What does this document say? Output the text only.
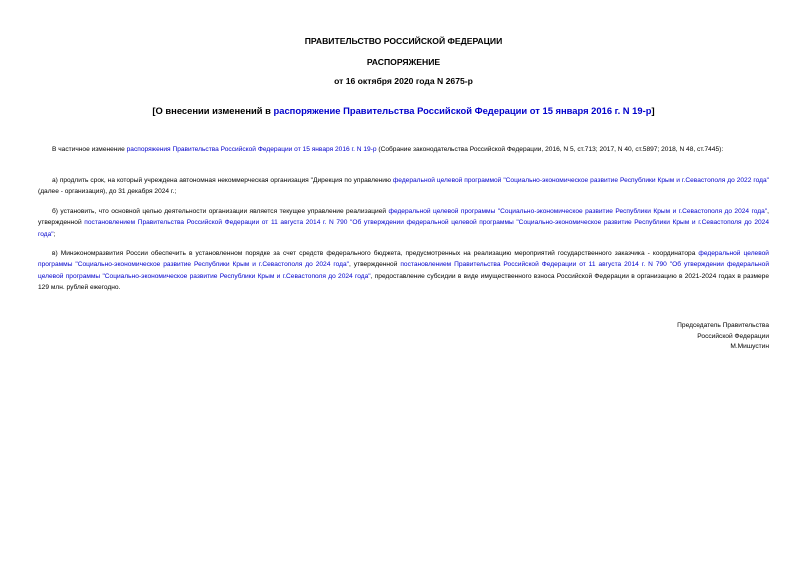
ПРАВИТЕЛЬСТВО РОССИЙСКОЙ ФЕДЕРАЦИИ
РАСПОРЯЖЕНИЕ
от 16 октября 2020 года N 2675-р
[О внесении изменений в распоряжение Правительства Российской Федерации от 15 января 2016 г. N 19-р]
В частичное изменение распоряжения Правительства Российской Федерации от 15 января 2016 г. N 19-р (Собрание законодательства Российской Федерации, 2016, N 5, ст.713; 2017, N 40, ст.5897; 2018, N 48, ст.7445):
а) продлить срок, на который учреждена автономная некоммерческая организация "Дирекция по управлению федеральной целевой программой "Социально-экономическое развитие Республики Крым и г.Севастополя до 2022 года" (далее - организация), до 31 декабря 2024 г.;
б) установить, что основной целью деятельности организации является текущее управление реализацией федеральной целевой программы "Социально-экономическое развитие Республики Крым и г.Севастополя до 2024 года", утвержденной постановлением Правительства Российской Федерации от 11 августа 2014 г. N 790 "Об утверждении федеральной целевой программы "Социально-экономическое развитие Республики Крым и г.Севастополя до 2024 года";
в) Минэкономразвития России обеспечить в установленном порядке за счет средств федерального бюджета, предусмотренных на реализацию мероприятий государственного заказчика - координатора федеральной целевой программы "Социально-экономическое развитие Республики Крым и г.Севастополя до 2024 года", утвержденной постановлением Правительства Российской Федерации от 11 августа 2014 г. N 790 "Об утверждении федеральной целевой программы "Социально-экономическое развитие Республики Крым и г.Севастополя до 2024 года", предоставление субсидии в виде имущественного взноса Российской Федерации в организацию в 2021-2024 годах в размере 129 млн. рублей ежегодно.
Председатель Правительства
Российской Федерации
М.Мишустин
